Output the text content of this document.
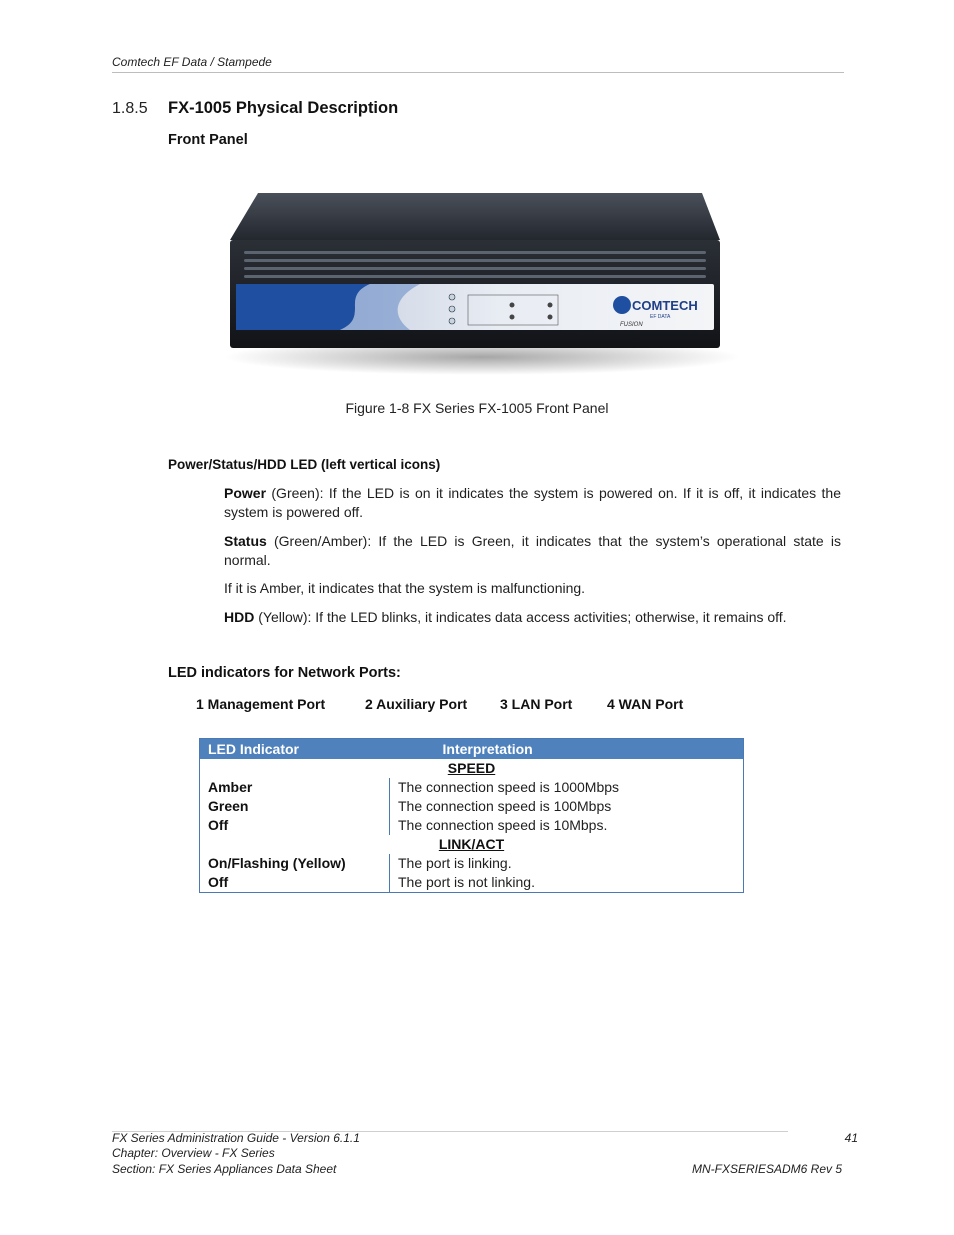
Comtech EF Data / Stampede
1.8.5 FX-1005 Physical Description
Front Panel
COMTECH
EF DATA
FUSION
Figure 1-8 FX Series FX-1005 Front Panel
Power/Status/HDD LED (left vertical icons)
Power (Green): If the LED is on it indicates the system is powered on. If it is off, it indicates the system is powered off.
Status (Green/Amber): If the LED is Green, it indicates that the system’s operational state is normal.
If it is Amber, it indicates that the system is malfunctioning.
HDD (Yellow): If the LED blinks, it indicates data access activities; otherwise, it remains off.
LED indicators for Network Ports:
1 Management Port	2 Auxiliary Port 3 LAN Port 4 WAN Port
LED Indicator	Interpretation
SPEED	
Amber	The connection speed is 1000Mbps
Green	The connection speed is 100Mbps
Off	The connection speed is 10Mbps.
LINK/ACT	
On/Flashing (Yellow)	The port is linking.
Off	The port is not linking.
FX Series Administration Guide - Version 6.1.1
Chapter: Overview - FX Series
Section: FX Series Appliances Data Sheet
41
MN-FXSERIESADM6 Rev 5
